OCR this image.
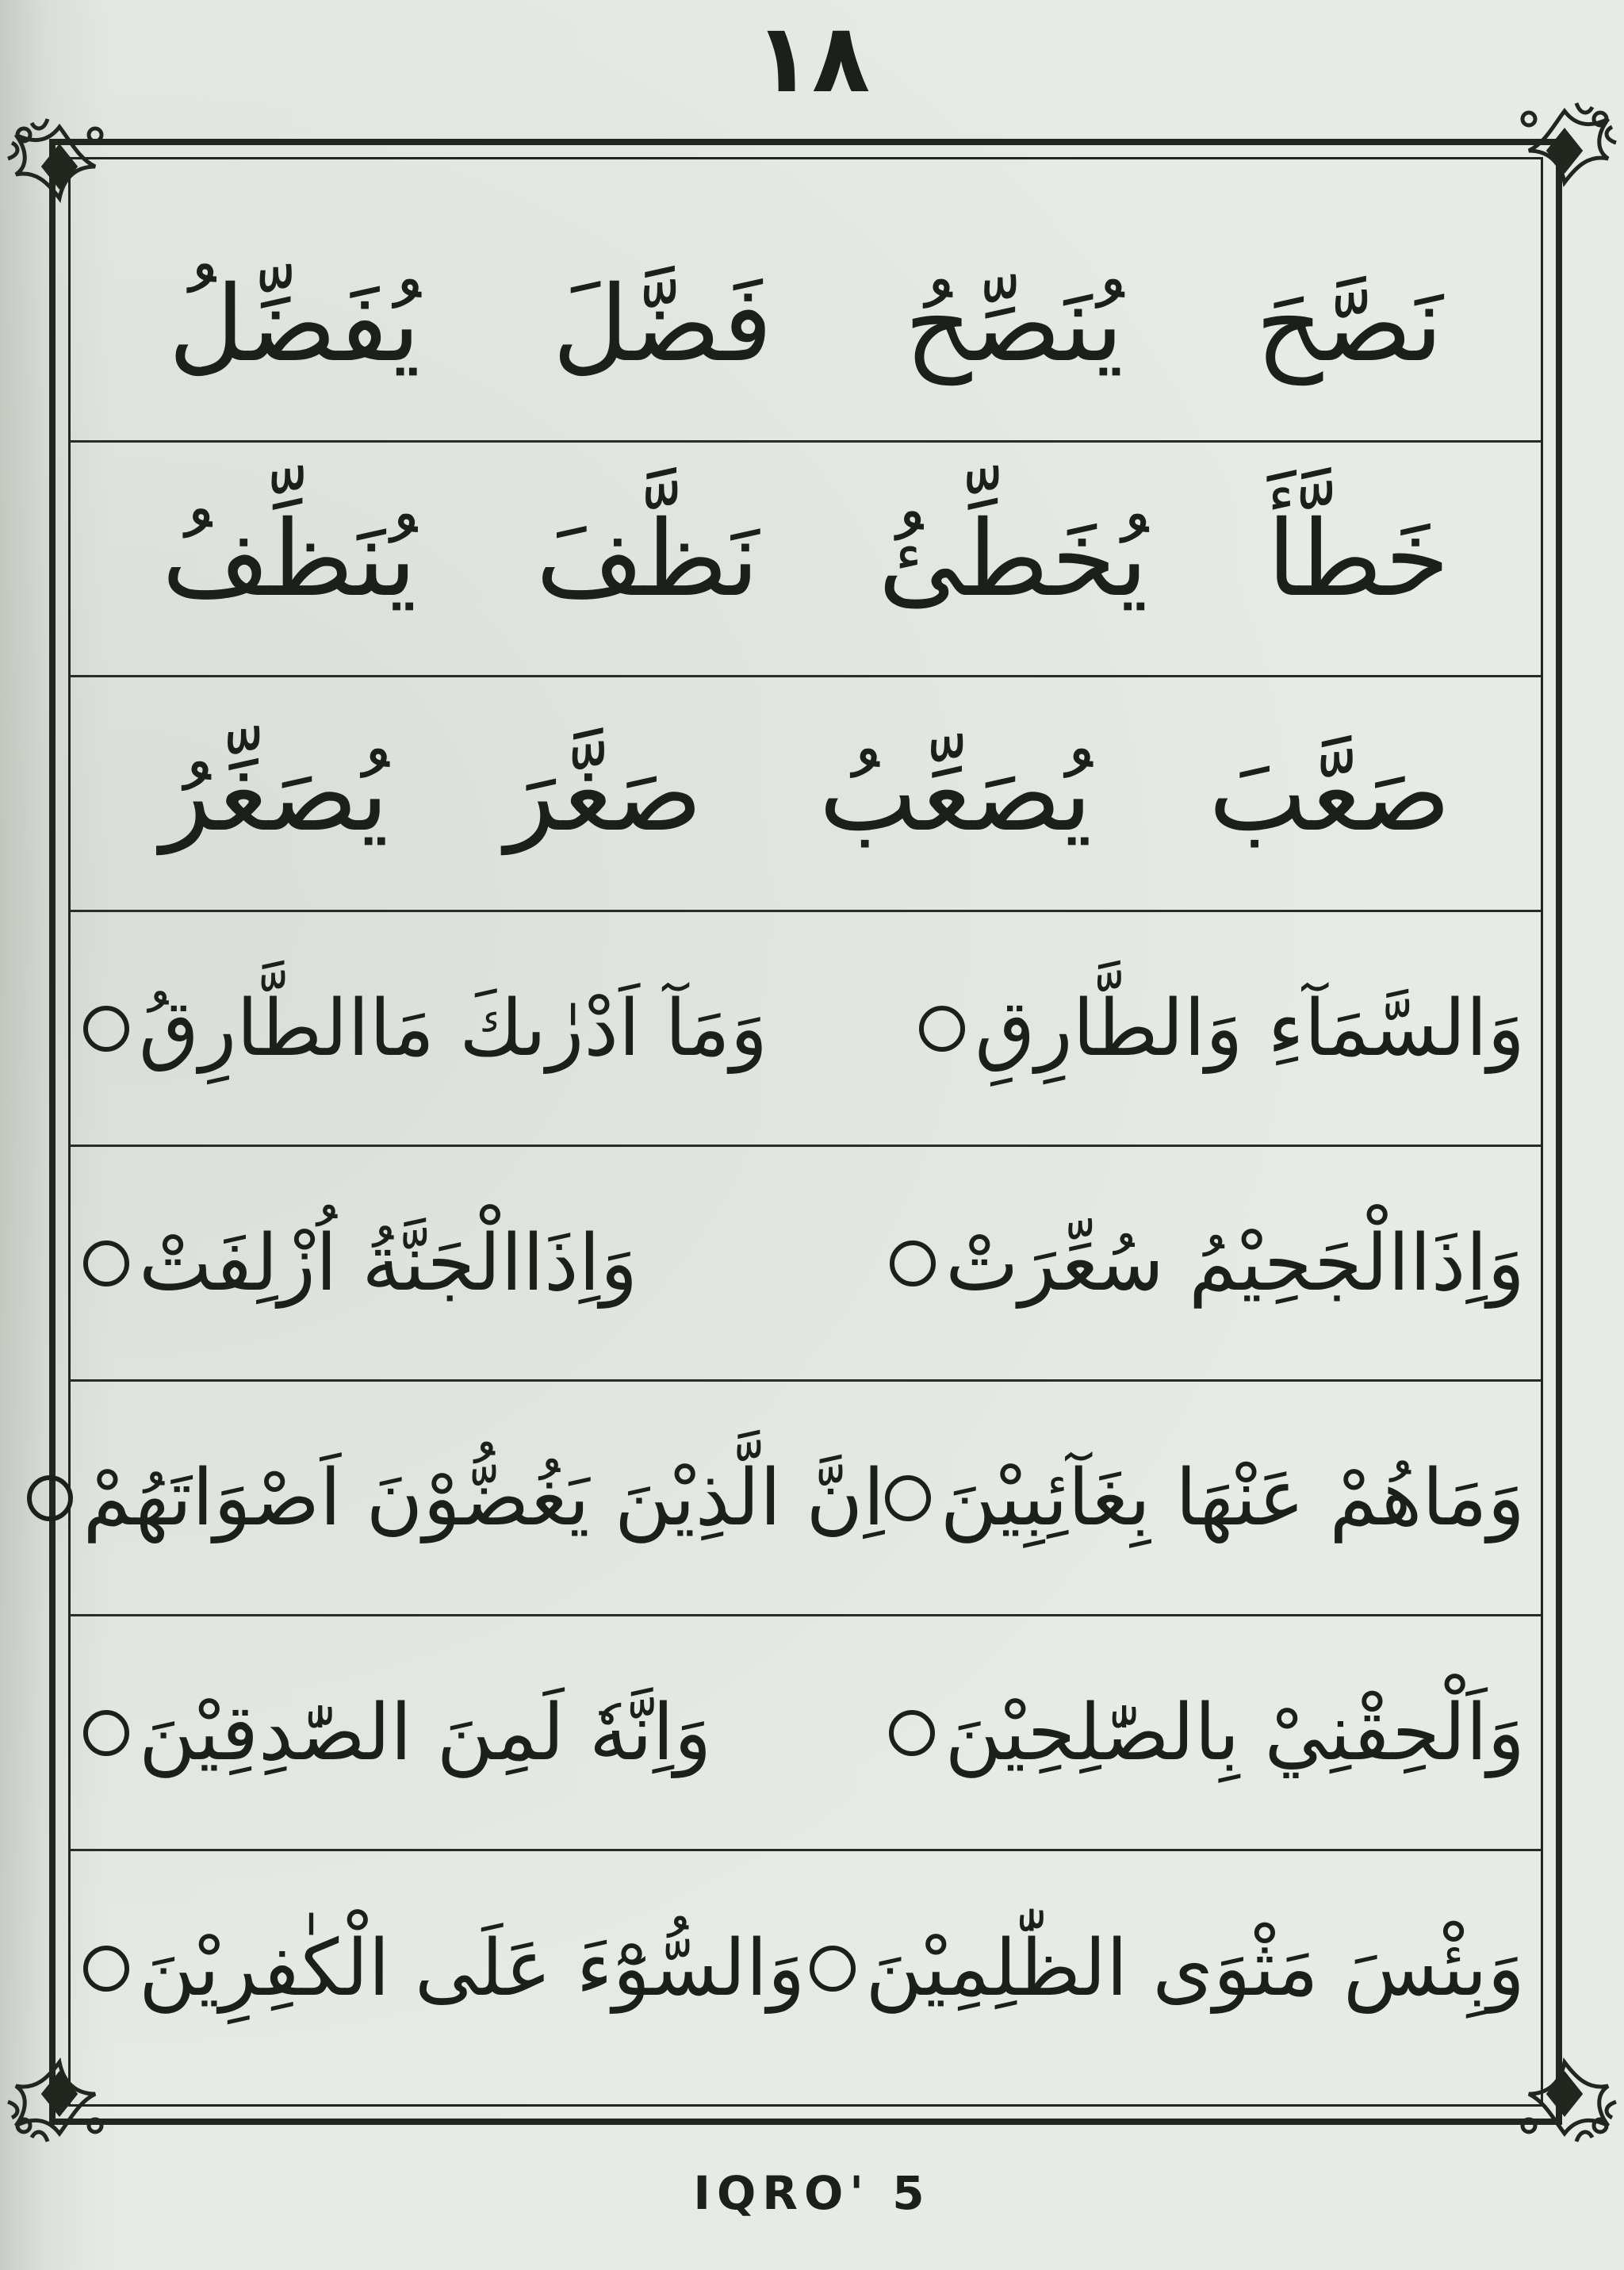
١٨
نَصَّحَ
يُنَصِّحُ
فَضَّلَ
يُفَضِّلُ
خَطَّأَ
يُخَطِّئُ
نَظَّفَ
يُنَظِّفُ
صَعَّبَ
يُصَعِّبُ
صَغَّرَ
يُصَغِّرُ
وَالسَّمَآءِ وَالطَّارِقِ
وَمَآ اَدْرٰىكَ مَاالطَّارِقُ
وَاِذَاالْجَحِيْمُ سُعِّرَتْ
وَاِذَاالْجَنَّةُ اُزْلِفَتْ
وَمَاهُمْ عَنْهَا بِغَآئِبِيْنَ
اِنَّ الَّذِيْنَ يَغُضُّوْنَ اَصْوَاتَهُمْ
وَاَلْحِقْنِيْ بِالصّٰلِحِيْنَ
وَاِنَّهٗ لَمِنَ الصّٰدِقِيْنَ
وَبِئْسَ مَثْوَى الظّٰلِمِيْنَ
وَالسُّوْٓءَ عَلَى الْكٰفِرِيْنَ
IQRO' 5
